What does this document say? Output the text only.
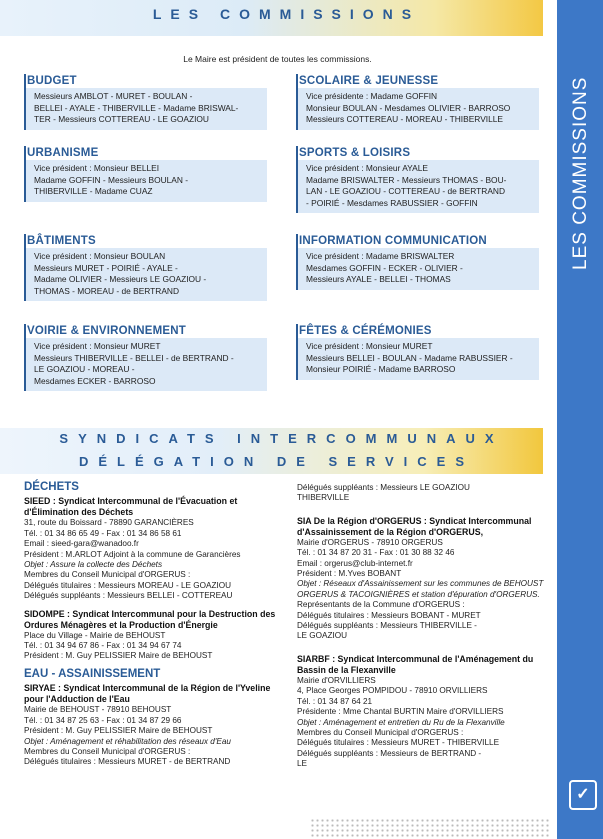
LES COMMISSIONS
LES COMMISSIONS
✓
Le Maire est président de toutes les commissions.
BUDGET
Messieurs AMBLOT - MURET - BOULAN -
BELLEI - AYALE - THIBERVILLE - Madame BRISWAL-
TER - Messieurs COTTEREAU - LE GOAZIOU
URBANISME
Vice président : Monsieur BELLEI
Madame GOFFIN - Messieurs BOULAN -
THIBERVILLE - Madame CUAZ
BÂTIMENTS
Vice président : Monsieur BOULAN
Messieurs MURET - POIRIÉ - AYALE -
Madame OLIVIER - Messieurs LE GOAZIOU -
THOMAS - MOREAU - de BERTRAND
VOIRIE & ENVIRONNEMENT
Vice président : Monsieur MURET
Messieurs THIBERVILLE - BELLEI - de BERTRAND -
LE GOAZIOU - MOREAU -
Mesdames ECKER - BARROSO
SCOLAIRE & JEUNESSE
Vice présidente : Madame GOFFIN
Monsieur BOULAN - Mesdames OLIVIER - BARROSO
Messieurs COTTEREAU - MOREAU - THIBERVILLE
SPORTS & LOISIRS
Vice président : Monsieur AYALE
Madame BRISWALTER - Messieurs THOMAS - BOU-
LAN - LE GOAZIOU - COTTEREAU - de BERTRAND
- POIRIÉ - Mesdames RABUSSIER - GOFFIN
INFORMATION COMMUNICATION
Vice président : Madame BRISWALTER
Mesdames GOFFIN - ECKER - OLIVIER -
Messieurs AYALE - BELLEI - THOMAS
FÊTES & CÉRÉMONIES
Vice président : Monsieur MURET
Messieurs BELLEI - BOULAN - Madame RABUSSIER -
Monsieur POIRIÉ - Madame BARROSO
SYNDICATS INTERCOMMUNAUX
DÉLÉGATION DE SERVICES
DÉCHETS

SIEED : Syndicat Intercommunal de l'Évacuation et d'Élimination des Déchets

31, route du Boissard - 78890 GARANCIÈRES

Tél. : 01 34 86 65 49 - Fax : 01 34 86 58 61

Email : sieed-gara@wanadoo.fr

Président : M.ARLOT Adjoint à la commune de Garancières

Objet : Assure la collecte des Déchets

Membres du Conseil Municipal d'ORGERUS :

Délégués titulaires : Messieurs MOREAU - LE GOAZIOU

Délégués suppléants : Messieurs BELLEI - COTTEREAU

SIDOMPE : Syndicat Intercommunal pour la Destruction des Ordures Ménagères et la Production d'Énergie

Place du Village - Mairie de BEHOUST

Tél. : 01 34 94 67 86 - Fax : 01 34 94 67 74

Président : M. Guy PELISSIER Maire de BEHOUST

EAU - ASSAINISSEMENT

SIRYAE : Syndicat Intercommunal de la Région de l'Yveline pour l'Adduction de l'Eau

Mairie de BEHOUST - 78910 BEHOUST

Tél. : 01 34 87 25 63 - Fax : 01 34 87 29 66

Président : M. Guy PELISSIER Maire de BEHOUST

Objet : Aménagement et réhabilitation des réseaux d'Eau

Membres du Conseil Municipal d'ORGERUS :

Délégués titulaires : Messieurs MURET - de BERTRAND

Délégués suppléants : Messieurs LE GOAZIOU

THIBERVILLE

SIA De la Région d'ORGERUS : Syndicat Intercommunal d'Assainissement de la Région d'ORGERUS,

Mairie d'ORGERUS - 78910 ORGERUS

Tél. : 01 34 87 20 31 - Fax : 01 30 88 32 46

Email : orgerus@club-internet.fr

Président : M.Yves BOBANT

Objet : Réseaux d'Assainissement sur les communes de BEHOUST ORGERUS & TACOIGNIÈRES et station d'épuration d'ORGERUS.

Représentants de la Commune d'ORGERUS :

Délégués titulaires : Messieurs BOBANT - MURET

Délégués suppléants : Messieurs THIBERVILLE -

LE GOAZIOU

SIARBF : Syndicat Intercommunal de l'Aménagement du Bassin de la Flexanville

Mairie d'ORVILLIERS

4, Place Georges POMPIDOU - 78910 ORVILLIERS

Tél. : 01 34 87 64 21

Présidente : Mme Chantal BURTIN Maire d'ORVILLIERS

Objet : Aménagement et entretien du Ru de la Flexanville

Membres du Conseil Municipal d'ORGERUS :

Délégués titulaires : Messieurs MURET - THIBERVILLE

Délégués suppléants : Messieurs de BERTRAND -

LE
